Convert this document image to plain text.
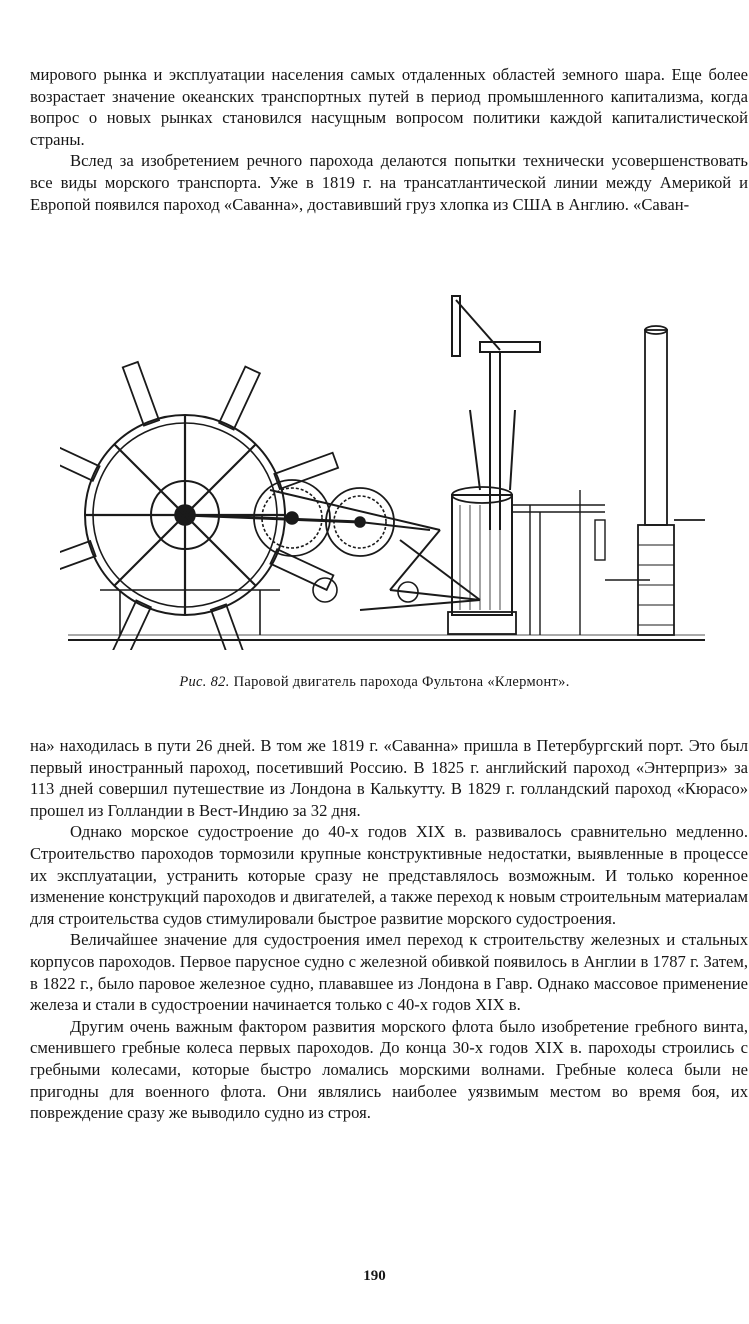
мирового рынка и эксплуатации населения самых отдаленных областей земного шара. Еще более возрастает значение океанских транспортных путей в период промышленного капитализма, когда вопрос о новых рынках становился насущным вопросом политики каждой капиталистической страны.

Вслед за изобретением речного парохода делаются попытки технически усовершенствовать все виды морского транспорта. Уже в 1819 г. на трансатлантической линии между Америкой и Европой появился пароход «Саванна», доставивший груз хлопка из США в Англию. «Саван-

Рис. 82. Паровой двигатель парохода Фультона «Клермонт».

на» находилась в пути 26 дней. В том же 1819 г. «Саванна» пришла в Петербургский порт. Это был первый иностранный пароход, посетивший Россию. В 1825 г. английский пароход «Энтерприз» за 113 дней совершил путешествие из Лондона в Калькутту. В 1829 г. голландский пароход «Кюрасо» прошел из Голландии в Вест-Индию за 32 дня.

Однако морское судостроение до 40-х годов XIX в. развивалось сравнительно медленно. Строительство пароходов тормозили крупные конструктивные недостатки, выявленные в процессе их эксплуатации, устранить которые сразу не представлялось возможным. И только коренное изменение конструкций пароходов и двигателей, а также переход к новым строительным материалам для строительства судов стимулировали быстрое развитие морского судостроения.

Величайшее значение для судостроения имел переход к строительству железных и стальных корпусов пароходов. Первое парусное судно с железной обивкой появилось в Англии в 1787 г. Затем, в 1822 г., было паровое железное судно, плававшее из Лондона в Гавр. Однако массовое применение железа и стали в судостроении начинается только с 40-х годов XIX в.

Другим очень важным фактором развития морского флота было изобретение гребного винта, сменившего гребные колеса первых пароходов. До конца 30-х годов XIX в. пароходы строились с гребными колесами, которые быстро ломались морскими волнами. Гребные колеса были не пригодны для военного флота. Они являлись наиболее уязвимым местом во время боя, их повреждение сразу же выводило судно из строя.

190
